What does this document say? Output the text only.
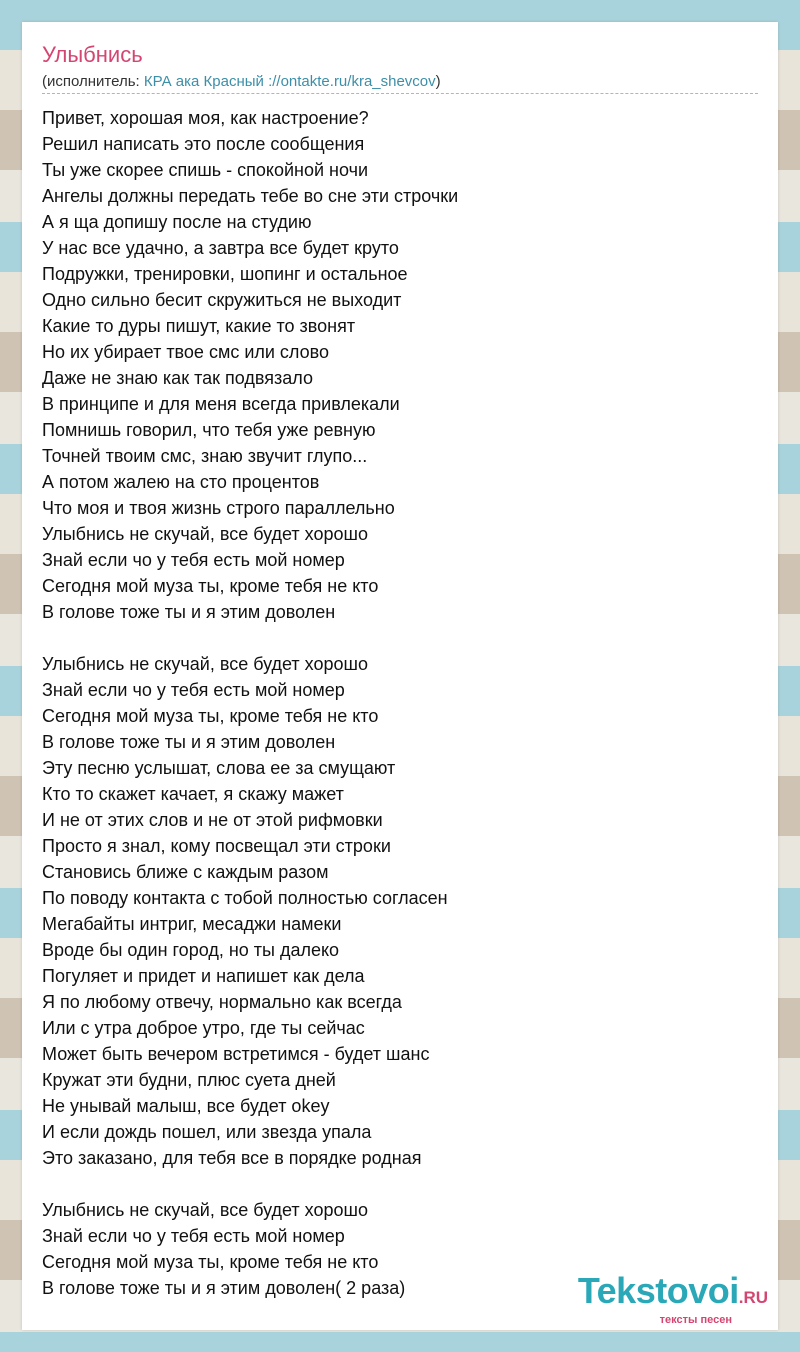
Улыбнись
(исполнитель: КРА ака Красный ://ontakte.ru/kra_shevcov)
Привет, хорошая моя, как настроение?
Решил написать это после сообщения
Ты уже скорее спишь - спокойной ночи
Ангелы должны передать тебе во сне эти строчки
А я ща допишу после на студию
У нас все удачно, а завтра все будет круто
Подружки, тренировки, шопинг и остальное
Одно сильно бесит скружиться не выходит
Какие то дуры пишут, какие то звонят
Но их убирает твое смс или слово
Даже не знаю как так подвязало
В принципе и для меня всегда привлекали
Помнишь говорил, что тебя уже ревную
Точней твоим смс, знаю звучит глупо...
А потом жалею на сто процентов
Что моя и твоя жизнь строго параллельно
Улыбнись не скучай, все будет хорошо
Знай если чо у тебя есть мой номер
Сегодня мой муза ты, кроме тебя не кто
В голове тоже ты и я этим доволен
Улыбнись не скучай, все будет хорошо
Знай если чо у тебя есть мой номер
Сегодня мой муза ты, кроме тебя не кто
В голове тоже ты и я этим доволен
Эту песню услышат, слова ее за смущают
Кто то скажет качает, я скажу мажет
И не от этих слов и не от этой рифмовки
Просто я знал, кому посвещал эти строки
Становись ближе с каждым разом
По поводу контакта с тобой полностью согласен
Мегабайты интриг, месаджи намеки
Вроде бы один город, но ты далеко
Погуляет и придет и напишет как дела
Я по любому отвечу, нормально как всегда
Или с утра доброе утро, где ты сейчас
Может быть вечером встретимся - будет шанс
Кружат эти будни, плюс суета дней
Не унывай малыш, все будет okey
И если дождь пошел, или звезда упала
Это заказано, для тебя все в порядке родная
Улыбнись не скучай, все будет хорошо
Знай если чо у тебя есть мой номер
Сегодня мой муза ты, кроме тебя не кто
В голове тоже ты и я этим доволен( 2 раза)	Tekstovoi.RU
тексты песен
